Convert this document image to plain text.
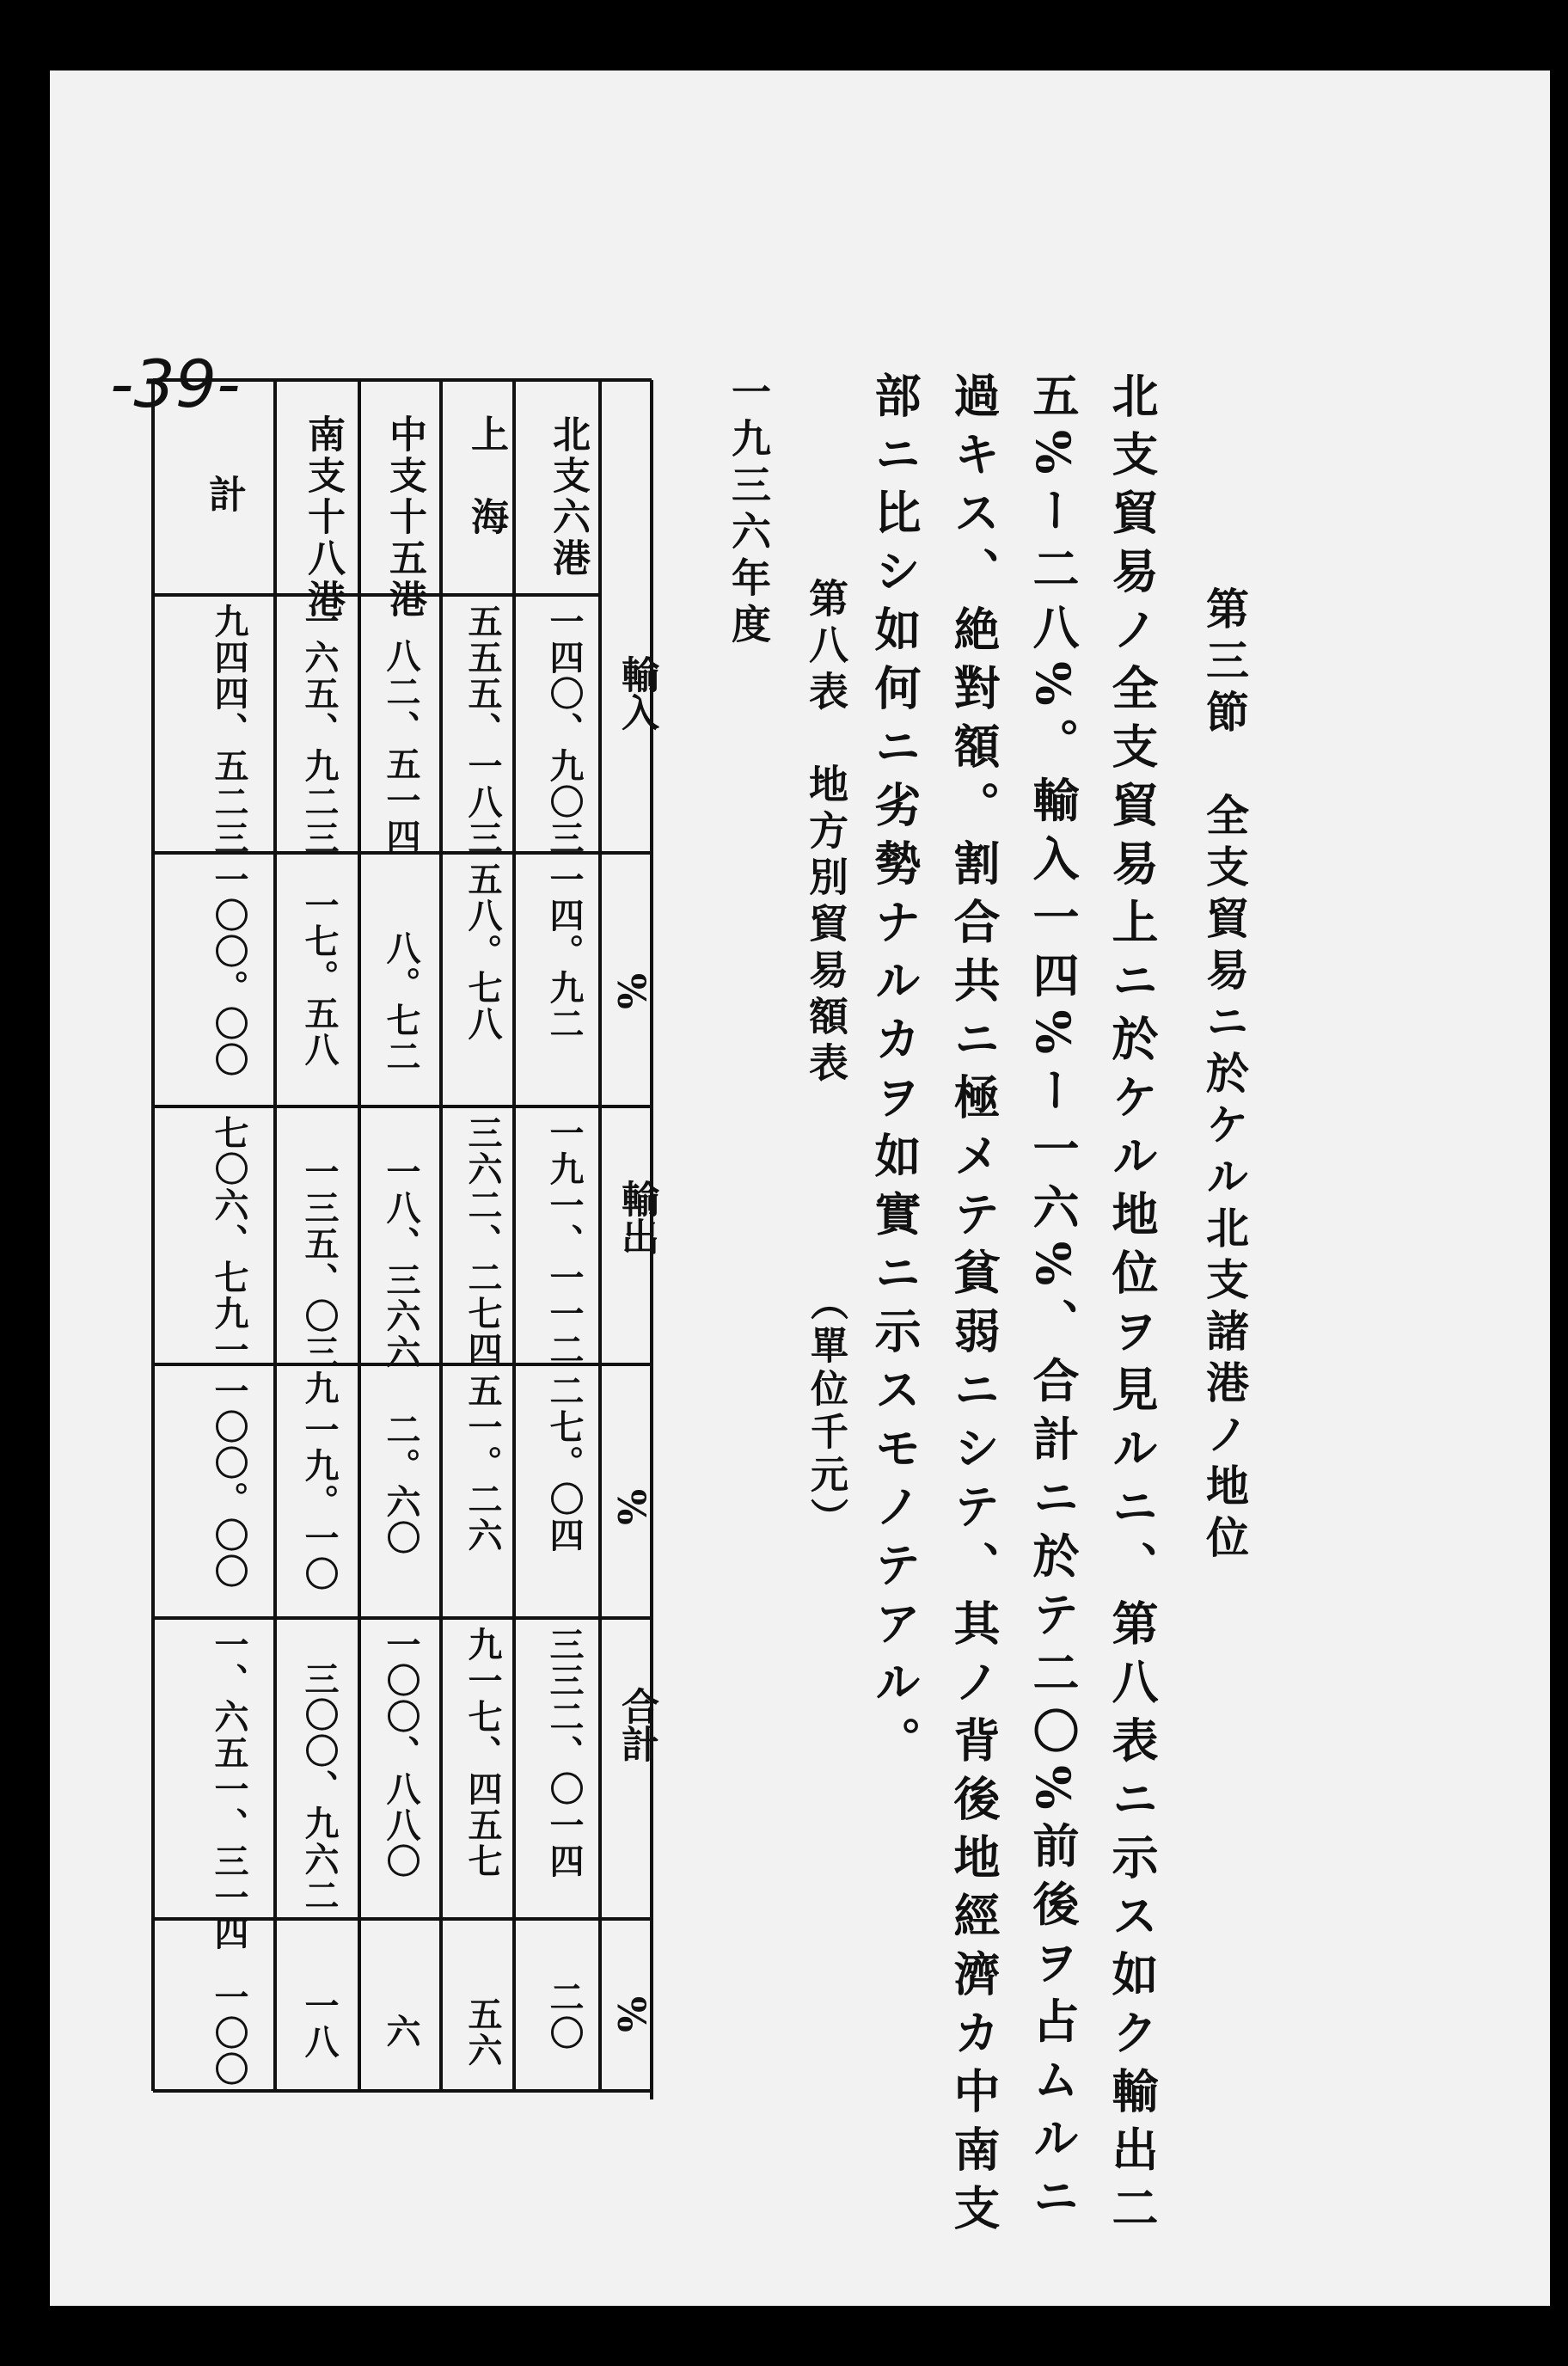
-39-
第三節　全支貿易ニ於ケル北支諸港ノ地位
北支貿易ノ全支貿易上ニ於ケル地位ヲ見ルニ、第八表ニ示ス如ク輸出二
五%ー二八%。輸入一四%ー一六%、合計ニ於テ二〇%前後ヲ占ムルニ
過キス、絶對額。割合共ニ極メテ貧弱ニシテ、其ノ背後地經濟カ中南支
部ニ比シ如何ニ劣勢ナルカヲ如實ニ示スモノテアル。
第八表　地方別貿易額表
（單位千元）
一九三六年度
輸入
%
輸出
%
合計
%
北支六港
上　海
中支十五港
南支十八港
計
一四〇、九〇三
一四。九二
一九一、一一二
二七。〇四
三三二、〇一四
二〇
五五五、一八三
五八。七八
三六二、二七四
五一。二六
九一七、四五七
五六
八二、五一四
八。七二
一八、三六六
二。六〇
一〇〇、八八〇
六
一六五、九二三
一七。五八
一三五、〇三九
一九。一〇
三〇〇、九六二
一八
九四四、五二三
一〇〇。〇〇
七〇六、七九一
一〇〇。〇〇
一、六五一、三一四
一〇〇
